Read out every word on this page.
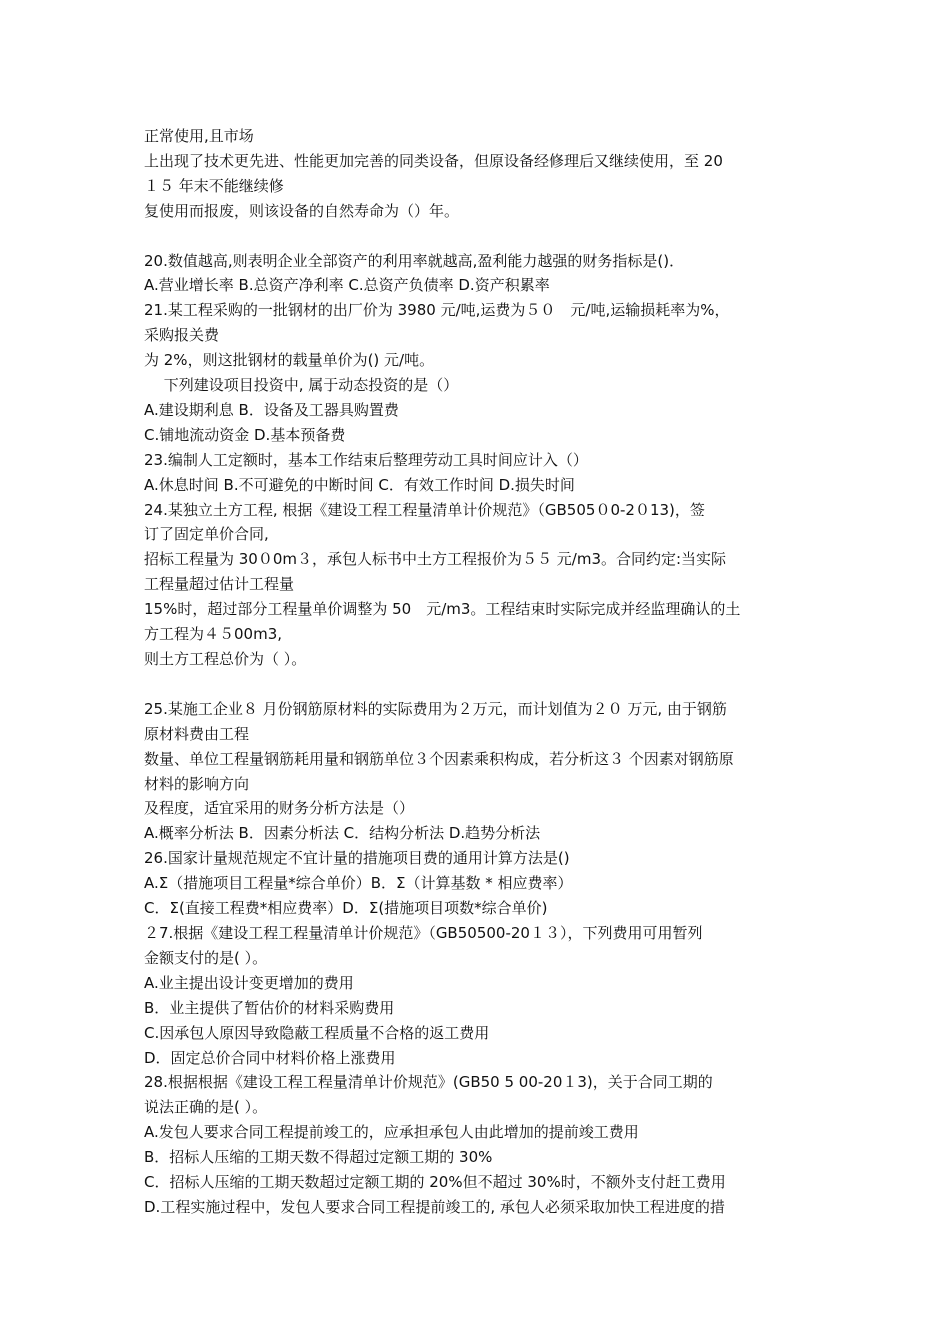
正常使用,且市场
上出现了技术更先进、性能更加完善的同类设备，但原设备经修理后又继续使用，至 20
１５ 年末不能继续修
复使用而报废，则该设备的自然寿命为（）年。
20.数值越高,则表明企业全部资产的利用率就越高,盈利能力越强的财务指标是()．
A.营业增长率 B.总资产净利率 C.总资产负债率 D.资产积累率
21.某工程采购的一批钢材的出厂价为 3980 元/吨,运费为５０　元/吨,运输损耗率为%，
采购报关费
为 2%，则这批钢材的载量单价为() 元/吨。
　 下列建设项目投资中, 属于动态投资的是（）
A.建设期利息 B．设备及工器具购置费
C.铺地流动资金 D.基本预备费
23.编制人工定额时，基本工作结束后整理劳动工具时间应计入（）
A.休息时间 B.不可避免的中断时间 C．有效工作时间 D.损失时间
24.某独立土方工程, 根据《建设工程工程量清单计价规范》（GB505０0-2０13)，签
订了固定单价合同,
招标工程量为 30０0m３，承包人标书中土方工程报价为５５ 元/m3。合同约定:当实际
工程量超过估计工程量
15%时，超过部分工程量单价调整为 50　元/m3。工程结束时实际完成并经监理确认的土
方工程为４５00m3,
则土方工程总价为（ ）。
25.某施工企业８ 月份钢筋原材料的实际费用为２万元，而计划值为２０ 万元, 由于钢筋
原材料费由工程
数量、单位工程量钢筋耗用量和钢筋单位３个因素乘积构成，若分析这３ 个因素对钢筋原
材料的影响方向
及程度，适宜采用的财务分析方法是（）
A.概率分析法 B．因素分析法 C．结构分析法 D.趋势分析法
26.国家计量规范规定不宜计量的措施项目费的通用计算方法是()
A.Σ（措施项目工程量*综合单价）B．Σ（计算基数 * 相应费率）
C．Σ(直接工程费*相应费率）D．Σ(措施项目项数*综合单价)
２7.根据《建设工程工程量清单计价规范》（GB50500-20１３），下列费用可用暂列
金额支付的是( ）。
A.业主提出设计变更增加的费用
B．业主提供了暂估价的材料采购费用
C.因承包人原因导致隐蔽工程质量不合格的返工费用
D．固定总价合同中材料价格上涨费用
28.根据根据《建设工程工程量清单计价规范》(GB50 5 00-20１3)，关于合同工期的
说法正确的是( ）。
A.发包人要求合同工程提前竣工的，应承担承包人由此增加的提前竣工费用
B．招标人压缩的工期天数不得超过定额工期的 30%
C．招标人压缩的工期天数超过定额工期的 20%但不超过 30%时，不额外支付赶工费用
D.工程实施过程中，发包人要求合同工程提前竣工的, 承包人必须采取加快工程进度的措
